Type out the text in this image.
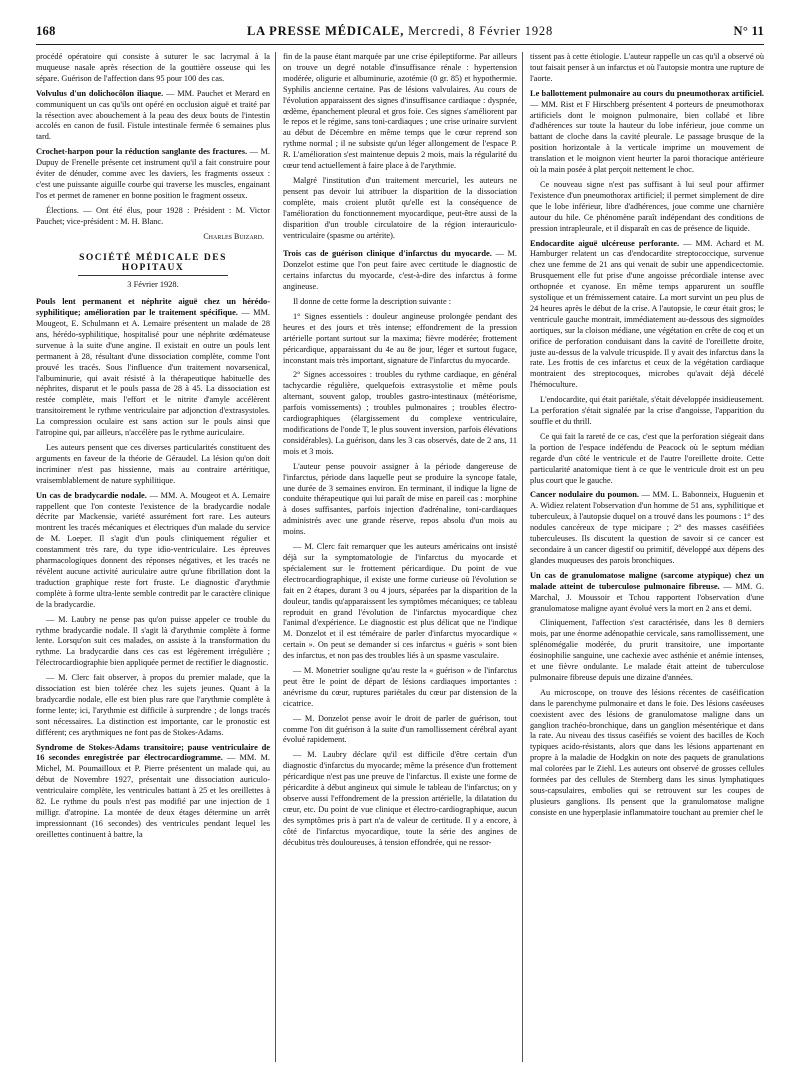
168	LA PRESSE MÉDICALE, Mercredi, 8 Février 1928	N° 11

procédé opératoire qui consiste à suturer le sac lacrymal à la muqueuse nasale après résection de la gouttière osseuse qui les sépare. Guérison de l'affection dans 95 pour 100 des cas.

Volvulus d'un dolichocôlon iliaque. — MM. Pauchet et Merard en communiquent un cas qu'ils ont opéré en occlusion aiguë et traité par la résection avec abouchement à la peau des deux bouts de l'intestin accolés en canon de fusil. Fistule intestinale fermée 6 semaines plus tard.

Crochet-harpon pour la réduction sanglante des fractures. — M. Dupuy de Frenelle présente cet instrument qu'il a fait construire pour éviter de dénuder, comme avec les daviers, les fragments osseux : c'est une puissante aiguille courbe qui traverse les muscles, engainant l'os et permet de ramener en bonne position le fragment osseux.

Élections. — Ont été élus, pour 1928 : Président : M. Victor Pauchet; vice-président : M. H. Blanc.

Charles Buizard.

SOCIÉTÉ MÉDICALE DES HOPITAUX

3 Février 1928.

Pouls lent permanent et néphrite aiguë chez un hérédo-syphilitique; amélioration par le traitement spécifique. — MM. Mougeot, E. Schulmann et A. Lemaire présentent un malade de 28 ans, hérédo-syphilitique, hospitalisé pour une néphrite œdémateuse survenue à la suite d'une angine. Il existait en outre un pouls lent permanent à 28, résultant d'une dissociation complète, comme l'ont prouvé les tracés. Sous l'influence d'un traitement novarsenical, l'albuminurie, qui avait résisté à la thérapeutique habituelle des néphrites, disparut et le pouls passa de 28 à 45. La dissociation est restée complète, mais l'effort et le nitrite d'amyle accélèrent transitoirement le rythme ventriculaire par adjonction d'extrasystoles. La compression oculaire est sans action sur le pouls ainsi que l'atropine qui, par ailleurs, n'accélère pas le rythme auriculaire.

Les auteurs pensent que ces diverses particularités constituent des arguments en faveur de la théorie de Géraudel. La lésion qu'on doit incriminer n'est pas hissienne, mais au contraire artéritique, vraisemblablement de nature syphilitique.

Un cas de bradycardie nodale. — MM. A. Mougeot et A. Lemaire rappellent que l'on conteste l'existence de la bradycardie nodale décrite par Mackensie, variété assurément fort rare. Les auteurs montrent les tracés mécaniques et électriques d'un malade du service de M. Loeper. Il s'agit d'un pouls cliniquement régulier et constamment très rare, du type idio-ventriculaire. Les épreuves pharmacologiques donnent des réponses négatives, et les tracés ne révèlent aucune activité auriculaire autre qu'une fibrillation dont la traduction graphique reste fort fruste. Le diagnostic d'arythmie complète à forme ultra-lente semble contredit par le caractère clinique de la bradycardie.

— M. Laubry ne pense pas qu'on puisse appeler ce trouble du rythme bradycardie nodale. Il s'agit là d'arythmie complète à forme lente. Lorsqu'on suit ces malades, on assiste à la transformation du rythme. La bradycardie dans ces cas est légèrement irrégulière ; l'électrocardiographie bien appliquée permet de rectifier le diagnostic.

— M. Clerc fait observer, à propos du premier malade, que la dissociation est bien tolérée chez les sujets jeunes. Quant à la bradycardie nodale, elle est bien plus rare que l'arythmie complète à forme lente; ici, l'arythmie est difficile à surprendre ; de longs tracés sont nécessaires. La distinction est importante, car le pronostic est différent; ces arythmiques ne font pas de Stokes-Adams.

Syndrome de Stokes-Adams transitoire; pause ventriculaire de 16 secondes enregistrée par électrocardiogramme. — MM. M. Michel, M. Poumailloux et P. Pierre présentent un malade qui, au début de Novembre 1927, présentait une dissociation auriculo-ventriculaire complète, les ventricules battant à 25 et les oreillettes à 82. Le rythme du pouls n'est pas modifié par une injection de 1 milligr. d'atropine. La montée de deux étages détermine un arrêt impressionnant (16 secondes) des ventricules pendant lequel les oreillettes continuent à battre, la

fin de la pause étant marquée par une crise épileptiforme. Par ailleurs on trouve un degré notable d'insuffisance rénale : hypertension modérée, oligurie et albuminurie, azotémie (0 gr. 85) et hypothermie. Syphilis ancienne certaine. Pas de lésions valvulaires. Au cours de l'évolution apparaissent des signes d'insuffisance cardiaque : dyspnée, œdème, épanchement pleural et gros foie. Ces signes s'améliorent par le repos et le régime, sans toni-cardiaques ; une crise urinaire survient au début de Décembre en même temps que le cœur reprend son rythme normal ; il ne subsiste qu'un léger allongement de l'espace P. R. L'amélioration s'est maintenue depuis 2 mois, mais la régularité du cœur tend actuellement à faire place à de l'arythmie.

Malgré l'institution d'un traitement mercuriel, les auteurs ne pensent pas devoir lui attribuer la disparition de la dissociation complète, mais croient plutôt qu'elle est la conséquence de l'amélioration du fonctionnement myocardique, peut-être aussi de la disparition d'un trouble circulatoire de la région interauriculo-ventriculaire (spasme ou artérite).

Trois cas de guérison clinique d'infarctus du myocarde. — M. Donzelot estime que l'on peut faire avec certitude le diagnostic de certains infarctus du myocarde, c'est-à-dire des infarctus à forme angineuse.

Il donne de cette forme la description suivante :

1° Signes essentiels : douleur angineuse prolongée pendant des heures et des jours et très intense; effondrement de la pression artérielle portant surtout sur la maxima; fièvre modérée; frottement péricardique, apparaissant du 4e au 8e jour, léger et surtout fugace, inconstant mais très important, signature de l'infarctus du myocarde.

2° Signes accessoires : troubles du rythme cardiaque, en général tachycardie régulière, quelquefois extrasystolie et même pouls alternant, souvent galop, troubles gastro-intestinaux (météorisme, parfois vomissements) ; troubles pulmonaires ; troubles électro-cardiographiques (élargissement du complexe ventriculaire, modifications de l'onde T, le plus souvent inversion, parfois élévations considérables). La guérison, dans les 3 cas observés, date de 2 ans, 11 mois et 3 mois.

L'auteur pense pouvoir assigner à la période dangereuse de l'infarctus, période dans laquelle peut se produire la syncope fatale, une durée de 3 semaines environ. En terminant, il indique la ligne de conduite thérapeutique qui lui paraît de mise en pareil cas : morphine à doses suffisantes, parfois injection d'adrénaline, toni-cardiaques administrés avec une grande réserve, repos absolu d'un mois au moins.

— M. Clerc fait remarquer que les auteurs américains ont insisté déjà sur la symptomatologie de l'infarctus du myocarde et spécialement sur le frottement péricardique. Du point de vue électrocardiographique, il existe une forme curieuse où l'évolution se fait en 2 étapes, durant 3 ou 4 jours, séparées par la disparition de la douleur, tandis qu'apparaissent les symptômes mécaniques; ce tableau reproduit en grand l'évolution de l'infarctus myocardique chez l'animal d'expérience. Le diagnostic est plus délicat que ne l'indique M. Donzelot et il est téméraire de parler d'infarctus myocardique « certain ». On peut se demander si ces infarctus « guéris » sont bien des infarctus, et non pas des troubles liés à un spasme vasculaire.

— M. Monetrier souligne qu'au reste la « guérison » de l'infarctus peut être le point de départ de lésions cardiaques importantes : anévrisme du cœur, ruptures pariétales du cœur par distension de la cicatrice.

— M. Donzelot pense avoir le droit de parler de guérison, tout comme l'on dit guérison à la suite d'un ramollissement cérébral ayant évolué rapidement.

— M. Laubry déclare qu'il est difficile d'être certain d'un diagnostic d'infarctus du myocarde; même la présence d'un frottement péricardique n'est pas une preuve de l'infarctus. Il existe une forme de péricardite à début angineux qui simule le tableau de l'infarctus; on y observe aussi l'effondrement de la pression artérielle, la dilatation du cœur, etc. Du point de vue clinique et électro-cardiographique, aucun des symptômes pris à part n'a de valeur de certitude. Il y a encore, à côté de l'infarctus myocardique, toute la série des angines de décubitus très douloureuses, à tension effondrée, qui ne ressor-

tissent pas à cette étiologie. L'auteur rappelle un cas qu'il a observé où tout faisait penser à un infarctus et où l'autopsie montra une rupture de l'aorte.

Le ballottement pulmonaire au cours du pneumothorax artificiel. — MM. Rist et F Hirschberg présentent 4 porteurs de pneumothorax artificiels dont le moignon pulmonaire, bien collabé et libre d'adhérences sur toute la hauteur du lobe inférieur, joue comme un battant de cloche dans la cavité pleurale. Le passage brusque de la position horizontale à la verticale imprime un mouvement de translation et le moignon vient heurter la paroi thoracique antérieure où la main posée à plat perçoit nettement le choc.

Ce nouveau signe n'est pas suffisant à lui seul pour affirmer l'existence d'un pneumothorax artificiel; il permet simplement de dire que le lobe inférieur, libre d'adhérences, joue comme une charnière autour du hile. Ce phénomène paraît indépendant des conditions de pression intrapleurale, et il disparaît en cas de présence de liquide.

Endocardite aiguë ulcéreuse perforante. — MM. Achard et M. Hamburger relatent un cas d'endocardite streptococcique, survenue chez une femme de 21 ans qui venait de subir une appendicectomie. Brusquement elle fut prise d'une angoisse précordiale intense avec orthopnée et cyanose. En même temps apparurent un souffle systolique et un frémissement cataire. La mort survint un peu plus de 24 heures après le début de la crise. A l'autopsie, le cœur était gros; le ventricule gauche montrait, immédiatement au-dessous des sigmoïdes aortiques, sur la cloison médiane, une végétation en crête de coq et un orifice de perforation conduisant dans la cavité de l'oreillette droite, juste au-dessus de la valvule tricuspide. Il y avait des infarctus dans la rate. Les frottis de ces infarctus et ceux de la végétation cardiaque montraient des streptocoques, microbes qu'avait déjà décelé l'hémoculture.

L'endocardite, qui était pariétale, s'était développée insidieusement. La perforation s'était signalée par la crise d'angoisse, l'apparition du souffle et du thrill.

Ce qui fait la rareté de ce cas, c'est que la perforation siégeait dans la portion de l'espace indéfendu de Peacock où le septum médian regarde d'un côté le ventricule et de l'autre l'oreillette droite. Cette particularité anatomique tient à ce que le ventricule droit est un peu plus court que le gauche.

Cancer nodulaire du poumon. — MM. L. Babonneix, Huguenin et A. Widiez relatent l'observation d'un homme de 51 ans, syphilitique et tuberculeux, à l'autopsie duquel on a trouvé dans les poumons : 1° des nodules cancéreux de type micipare ; 2° des masses caséifiées tuberculeuses. Ils discutent la question de savoir si ce cancer est secondaire à un cancer digestif ou primitif, développé aux dépens des glandes muqueuses des parois bronchiques.

Un cas de granulomatose maligne (sarcome atypique) chez un malade atteint de tuberculose pulmonaire fibreuse. — MM. G. Marchal, J. Moussoir et Tchou rapportent l'observation d'une granulomatose maligne ayant évolué vers la mort en 2 ans et demi.

Cliniquement, l'affection s'est caractérisée, dans les 8 derniers mois, par une énorme adénopathie cervicale, sans ramollissement, une splénomégalie modérée, du prurit transitoire, une importante éosinophilie sanguine, une cachexie avec asthénie et anémie intenses, et une fièvre ondulante. Le malade était atteint de tuberculose pulmonaire fibreuse depuis une dizaine d'années.

Au microscope, on trouve des lésions récentes de caséification dans le parenchyme pulmonaire et dans le foie. Des lésions caséeuses coexistent avec des lésions de granulomatose maligne dans un ganglion trachéo-bronchique, dans un ganglion mésentérique et dans la rate. Au niveau des tissus caséifiés se voient des bacilles de Koch typiques acido-résistants, alors que dans les lésions appartenant en propre à la maladie de Hodgkin on note des paquets de granulations mal colorées par le Ziehl. Les auteurs ont observé de grosses cellules formées par des cellules de Sternberg dans les sinus lymphatiques sous-capsulaires, embolies qui se retrouvent sur les coupes de plusieurs ganglions. Ils pensent que la granulomatose maligne consiste en une hyperplasie inflammatoire touchant au premier chef le
